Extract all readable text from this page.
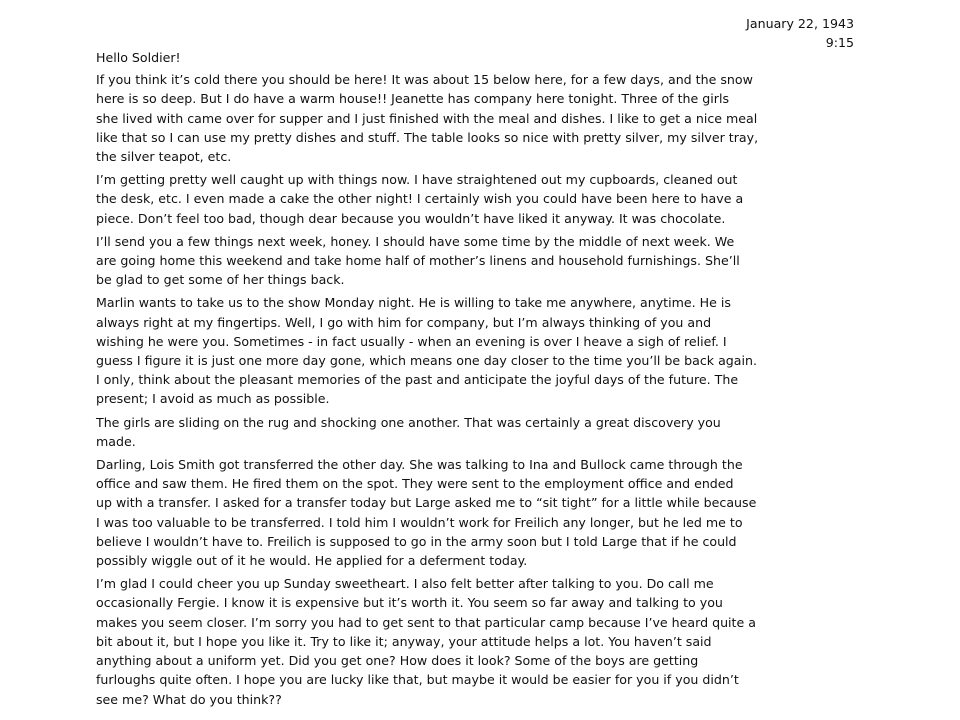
January 22, 1943
9:15

Hello Soldier!

If you think it’s cold there you should be here! It was about 15 below here, for a few days, and the snow
here is so deep. But I do have a warm house!! Jeanette has company here tonight. Three of the girls
she lived with came over for supper and I just finished with the meal and dishes. I like to get a nice meal
like that so I can use my pretty dishes and stuff. The table looks so nice with pretty silver, my silver tray,
the silver teapot, etc.

I’m getting pretty well caught up with things now. I have straightened out my cupboards, cleaned out
the desk, etc. I even made a cake the other night! I certainly wish you could have been here to have a
piece. Don’t feel too bad, though dear because you wouldn’t have liked it anyway. It was chocolate.

I’ll send you a few things next week, honey. I should have some time by the middle of next week. We
are going home this weekend and take home half of mother’s linens and household furnishings. She’ll
be glad to get some of her things back.

Marlin wants to take us to the show Monday night. He is willing to take me anywhere, anytime. He is
always right at my fingertips. Well, I go with him for company, but I’m always thinking of you and
wishing he were you. Sometimes - in fact usually - when an evening is over I heave a sigh of relief. I
guess I figure it is just one more day gone, which means one day closer to the time you’ll be back again.
I only, think about the pleasant memories of the past and anticipate the joyful days of the future. The
present; I avoid as much as possible.

The girls are sliding on the rug and shocking one another. That was certainly a great discovery you
made.

Darling, Lois Smith got transferred the other day. She was talking to Ina and Bullock came through the
office and saw them. He fired them on the spot. They were sent to the employment office and ended
up with a transfer. I asked for a transfer today but Large asked me to “sit tight” for a little while because
I was too valuable to be transferred. I told him I wouldn’t work for Freilich any longer, but he led me to
believe I wouldn’t have to. Freilich is supposed to go in the army soon but I told Large that if he could
possibly wiggle out of it he would. He applied for a deferment today.

I’m glad I could cheer you up Sunday sweetheart. I also felt better after talking to you. Do call me
occasionally Fergie. I know it is expensive but it’s worth it. You seem so far away and talking to you
makes you seem closer. I’m sorry you had to get sent to that particular camp because I’ve heard quite a
bit about it, but I hope you like it. Try to like it; anyway, your attitude helps a lot. You haven’t said
anything about a uniform yet. Did you get one? How does it look? Some of the boys are getting
furloughs quite often. I hope you are lucky like that, but maybe it would be easier for you if you didn’t
see me? What do you think??
